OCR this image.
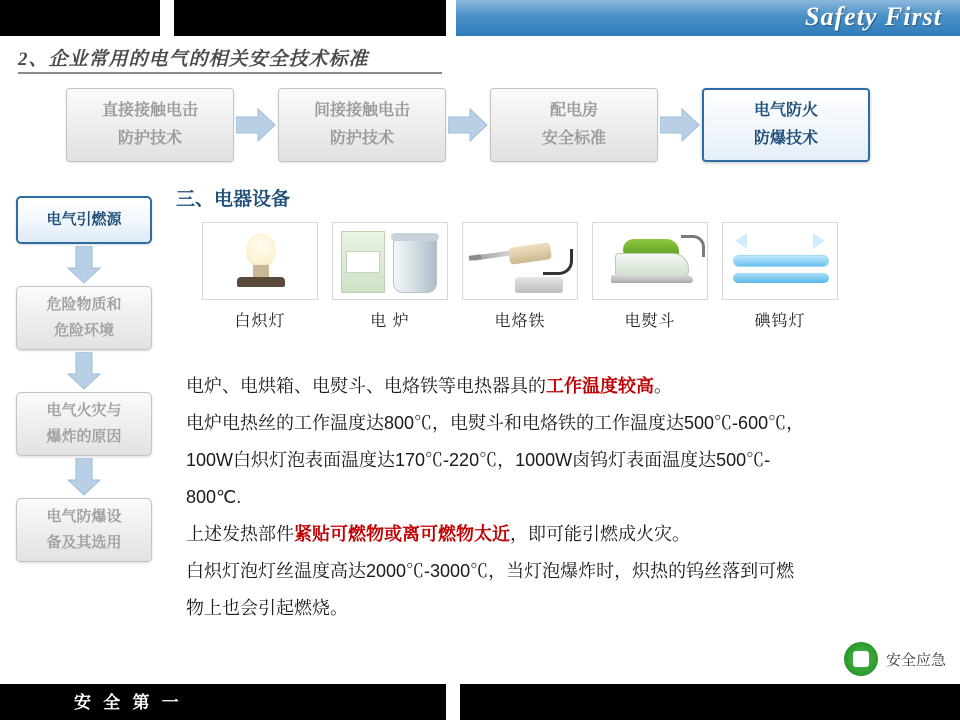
Safety First
2、企业常用的电气的相关安全技术标准
直接接触电击
防护技术
间接接触电击
防护技术
配电房
安全标准
电气防火
防爆技术
电气引燃源
危险物质和
危险环境
电气火灾与
爆炸的原因
电气防爆设
备及其选用
三、电器设备
白炽灯	电 炉	电烙铁	电熨斗	碘钨灯
电炉、电烘箱、电熨斗、电烙铁等电热器具的工作温度较高。
电炉电热丝的工作温度达800℃，电熨斗和电烙铁的工作温度达500℃-600℃，
100W白炽灯泡表面温度达170℃-220℃，1000W卤钨灯表面温度达500℃-
800℃.
上述发热部件紧贴可燃物或离可燃物太近，即可能引燃成火灾。
白炽灯泡灯丝温度高达2000℃-3000℃，当灯泡爆炸时，炽热的钨丝落到可燃
物上也会引起燃烧。
安全应急
安 全 第 一
